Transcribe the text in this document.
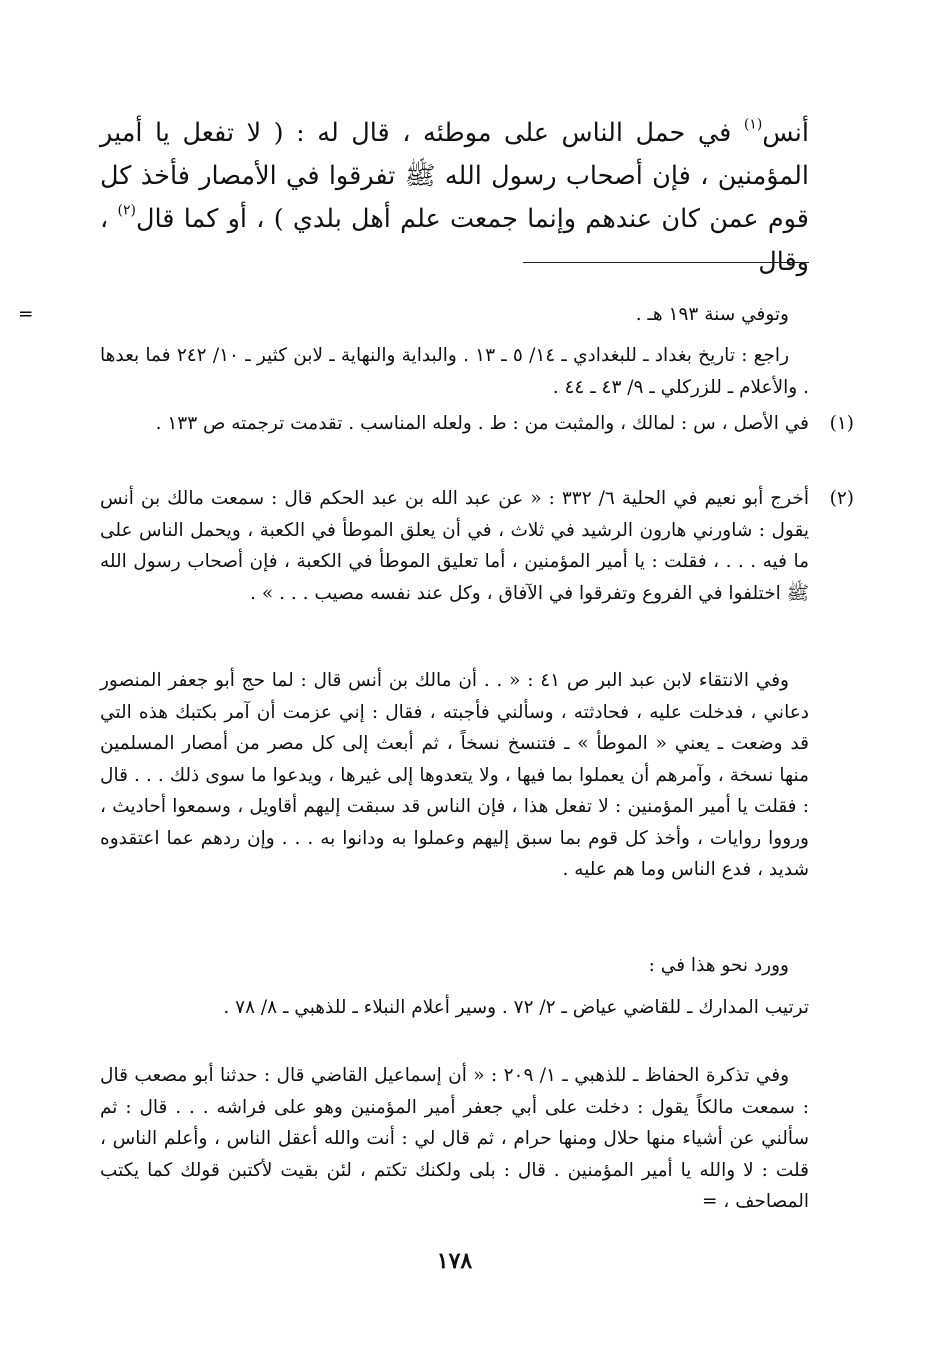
أنس$^{(١)}$ في حمل الناس على موطئه ، قال له : ( لا تفعل يا أمير المؤمنين ، فإن أصحاب رسول الله ﷺ تفرقوا في الأمصار فأخذ كل قوم عمن كان عندهم وإنما جمعت علم أهل بلدي ) ، أو كما قال$^{(٢)}$ ، وقال
=	وتوفي سنة ١٩٣ هـ .
راجع : تاريخ بغداد ـ للبغدادي ـ ١٤/ ٥ ـ ١٣ . والبداية والنهاية ـ لابن كثير ـ ١٠/ ٢٤٢ فما بعدها . والأعلام ـ للزركلي ـ ٩/ ٤٣ ـ ٤٤ .
(١)
في الأصل ، س : لمالك ، والمثبت من : ط . ولعله المناسب . تقدمت ترجمته ص ١٣٣ .
(٢)
أخرج أبو نعيم في الحلية ٦/ ٣٣٢ : « عن عبد الله بن عبد الحكم قال : سمعت مالك بن أنس يقول : شاورني هارون الرشيد في ثلاث ، في أن يعلق الموطأ في الكعبة ، ويحمل الناس على ما فيه . . . ، فقلت : يا أمير المؤمنين ، أما تعليق الموطأ في الكعبة ، فإن أصحاب رسول الله ﷺ اختلفوا في الفروع وتفرقوا في الآفاق ، وكل عند نفسه مصيب . . . » .
وفي الانتقاء لابن عبد البر ص ٤١ : « . . أن مالك بن أنس قال : لما حج أبو جعفر المنصور دعاني ، فدخلت عليه ، فحادثته ، وسألني فأجبته ، فقال : إني عزمت أن آمر بكتبك هذه التي قد وضعت ـ يعني « الموطأ » ـ فتنسخ نسخاً ، ثم أبعث إلى كل مصر من أمصار المسلمين منها نسخة ، وآمرهم أن يعملوا بما فيها ، ولا يتعدوها إلى غيرها ، ويدعوا ما سوى ذلك . . . قال : فقلت يا أمير المؤمنين : لا تفعل هذا ، فإن الناس قد سبقت إليهم أقاويل ، وسمعوا أحاديث ، ورووا روايات ، وأخذ كل قوم بما سبق إليهم وعملوا به ودانوا به . . . وإن ردهم عما اعتقدوه شديد ، فدع الناس وما هم عليه .
وورد نحو هذا في :
ترتيب المدارك ـ للقاضي عياض ـ ٢/ ٧٢ . وسير أعلام النبلاء ـ للذهبي ـ ٨/ ٧٨ .
وفي تذكرة الحفاظ ـ للذهبي ـ ١/ ٢٠٩ : « أن إسماعيل القاضي قال : حدثنا أبو مصعب قال : سمعت مالكاً يقول : دخلت على أبي جعفر أمير المؤمنين وهو على فراشه . . . قال : ثم سألني عن أشياء منها حلال ومنها حرام ، ثم قال لي : أنت والله أعقل الناس ، وأعلم الناس ، قلت : لا والله يا أمير المؤمنين . قال : بلى ولكنك تكتم ، لئن بقيت لأكتبن قولك كما يكتب المصاحف ، =
١٧٨
